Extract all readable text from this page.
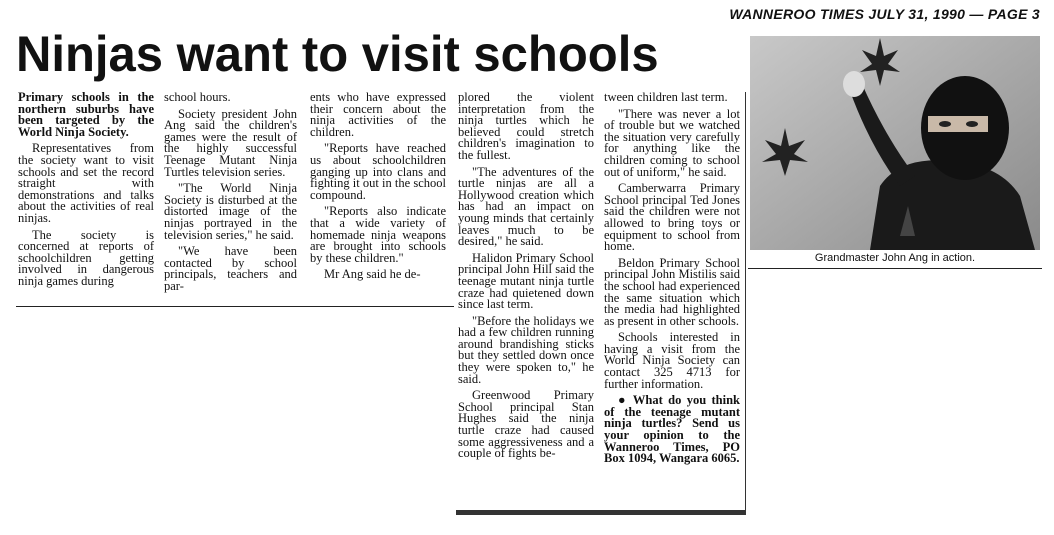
WANNEROO TIMES JULY 31, 1990 — PAGE 3
Ninjas want to visit schools
Grandmaster John Ang in action.

Primary schools in the northern suburbs have been targeted by the World Ninja Society.

Representatives from the society want to visit schools and set the record straight with demonstrations and talks about the activities of real ninjas.

The society is concerned at reports of schoolchildren getting involved in dangerous ninja games during

school hours.

Society president John Ang said the children's games were the result of the highly successful Teenage Mutant Ninja Turtles television series.

"The World Ninja Society is disturbed at the distorted image of the ninjas portrayed in the television series," he said.

"We have been contacted by school principals, teachers and par-

ents who have expressed their concern about the ninja activities of the children.

"Reports have reached us about schoolchildren ganging up into clans and fighting it out in the school compound.

"Reports also indicate that a wide variety of homemade ninja weapons are brought into schools by these children."

Mr Ang said he de-

plored the violent interpretation from the ninja turtles which he believed could stretch children's imagination to the fullest.

"The adventures of the turtle ninjas are all a Hollywood creation which has had an impact on young minds that certainly leaves much to be desired," he said.

Halidon Primary School principal John Hill said the teenage mutant ninja turtle craze had quietened down since last term.

"Before the holidays we had a few children running around brandishing sticks but they settled down once they were spoken to," he said.

Greenwood Primary School principal Stan Hughes said the ninja turtle craze had caused some aggressiveness and a couple of fights be-

tween children last term.

"There was never a lot of trouble but we watched the situation very carefully for anything like the children coming to school out of uniform," he said.

Camberwarra Primary School principal Ted Jones said the children were not allowed to bring toys or equipment to school from home.

Beldon Primary School principal John Mistilis said the school had experienced the same situation which the media had highlighted as present in other schools.

Schools interested in having a visit from the World Ninja Society can contact 325 4713 for further information.

● What do you think of the teenage mutant ninja turtles? Send us your opinion to the Wanneroo Times, PO Box 1094, Wangara 6065.
